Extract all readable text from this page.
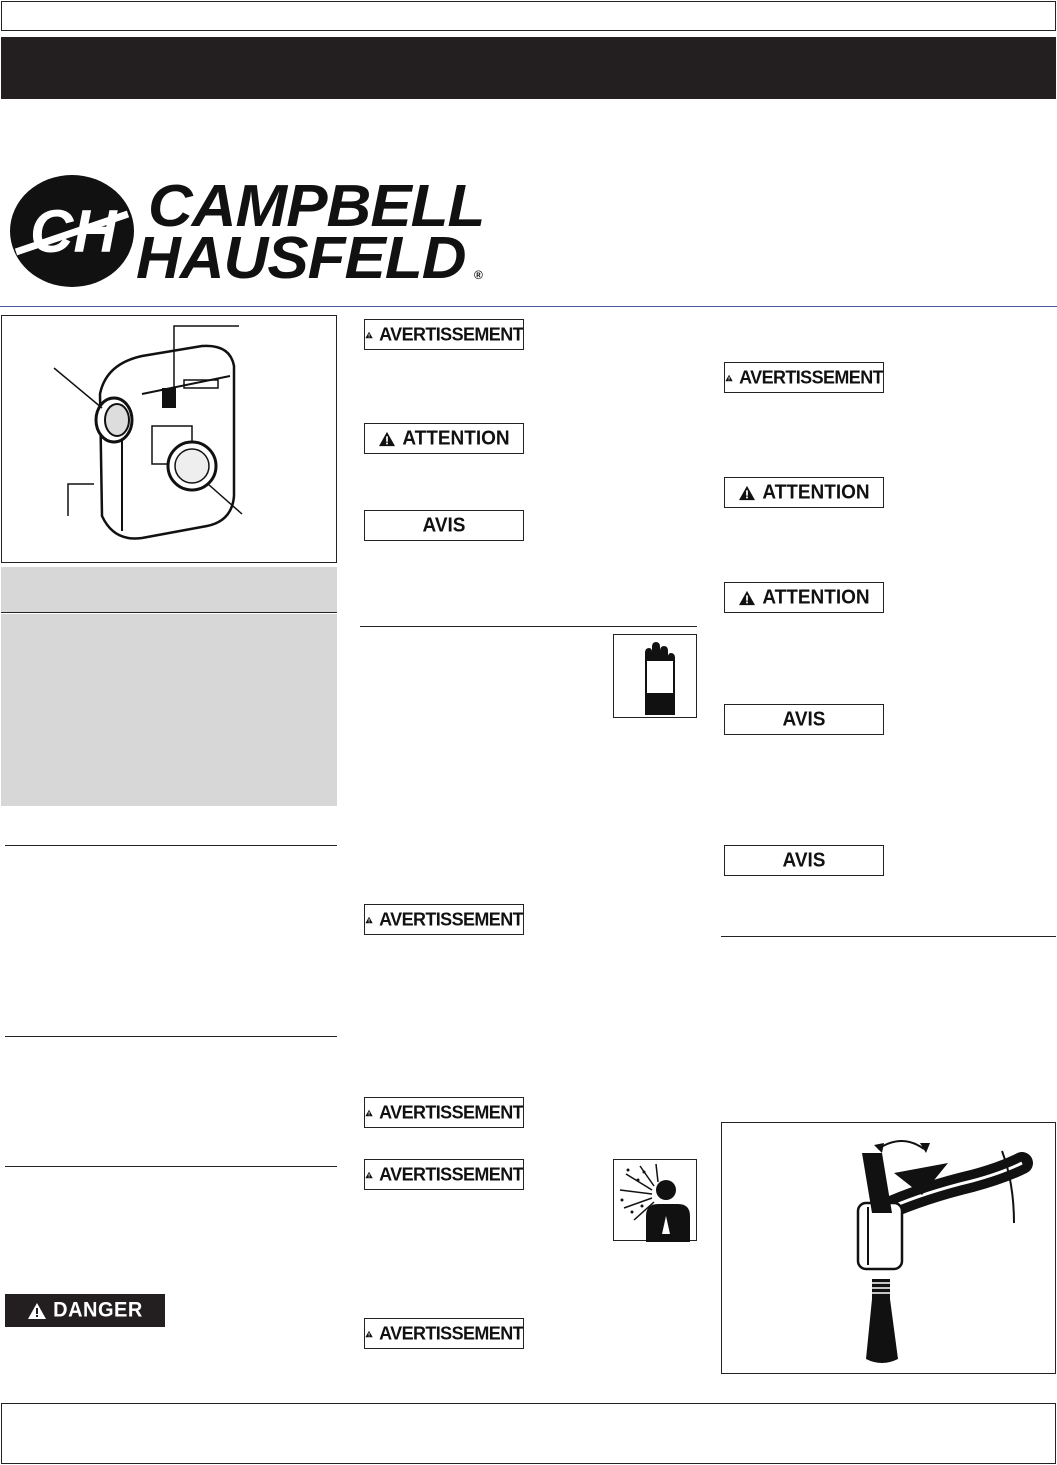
CH CAMPBELL
HAUSFELD ®
DANGER
AVERTISSEMENT
ATTENTION
AVIS
AVERTISSEMENT
AVERTISSEMENT
AVERTISSEMENT
AVERTISSEMENT
AVERTISSEMENT
ATTENTION
ATTENTION
AVIS
AVIS
